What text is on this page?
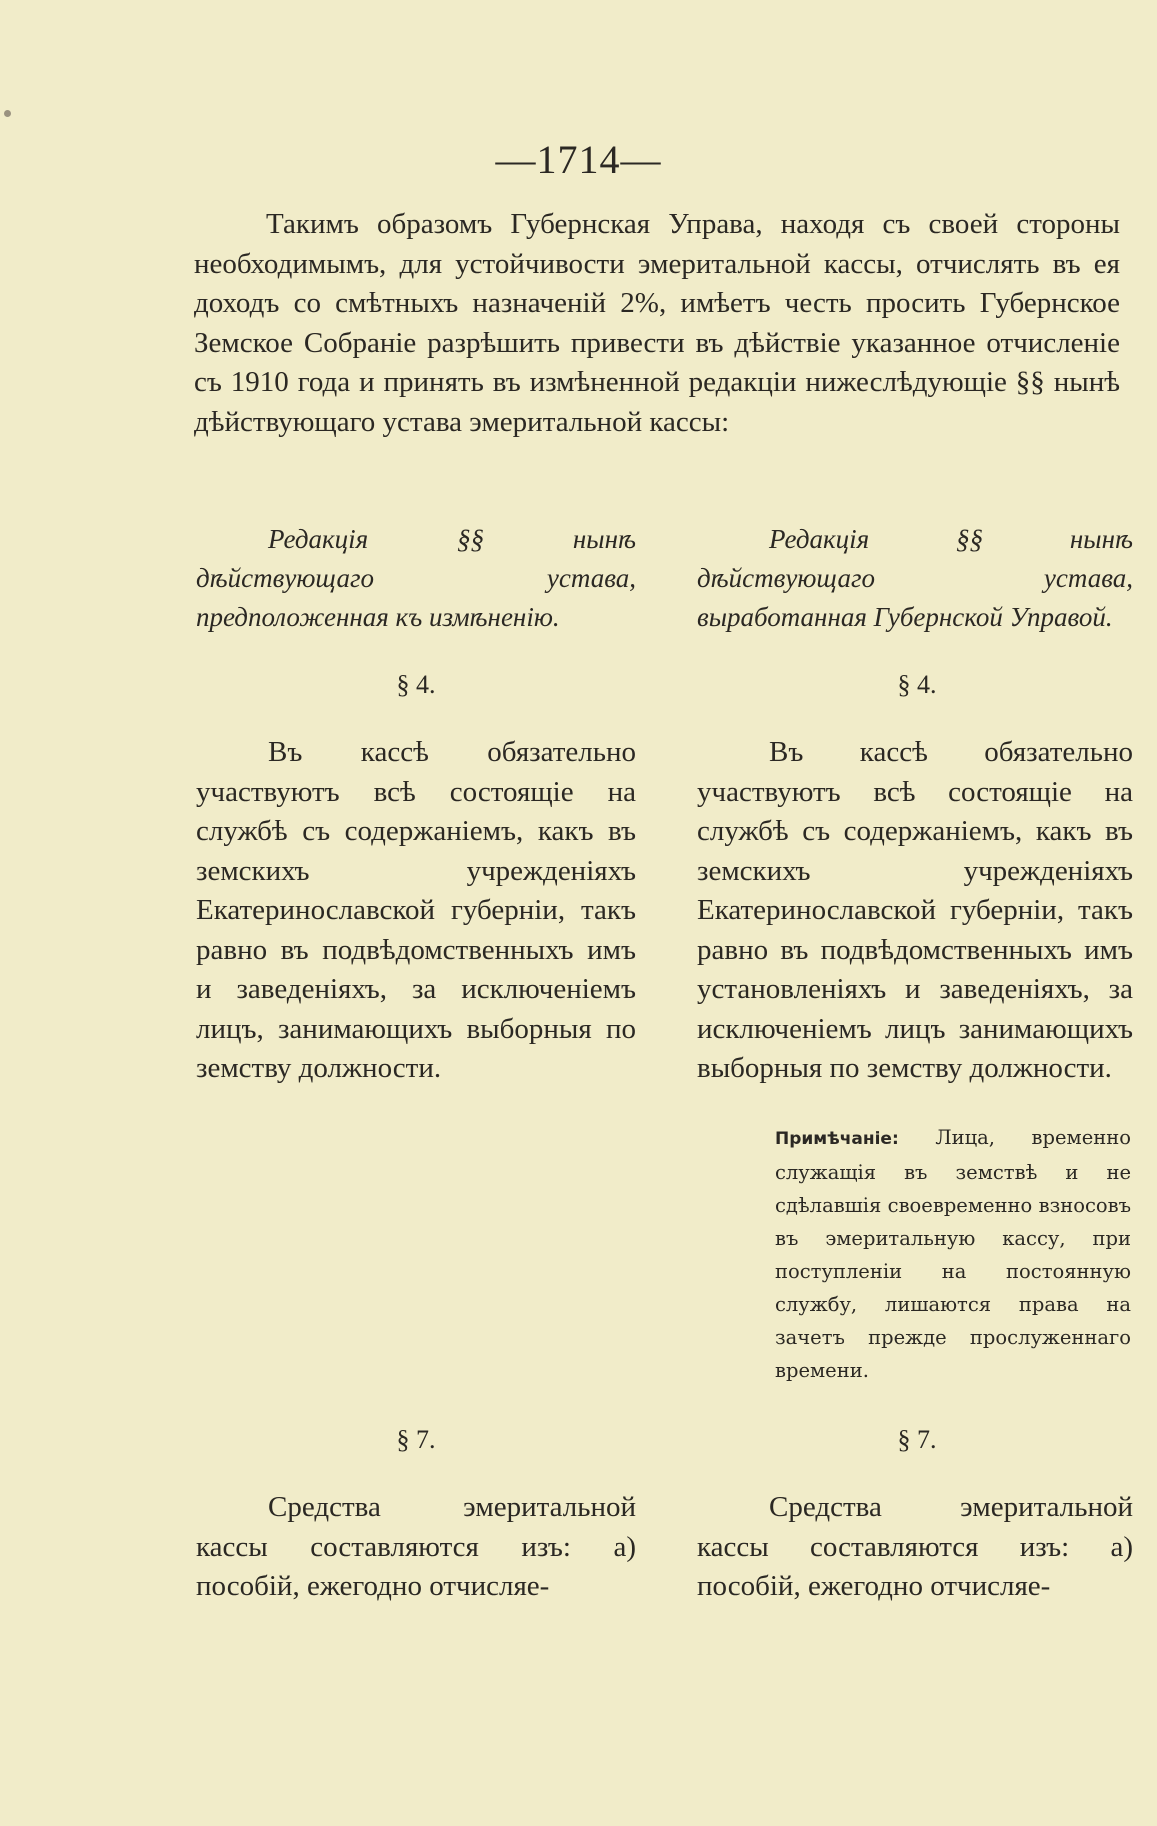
—1714—

Такимъ образомъ Губернская Управа, находя съ своей стороны необходимымъ, для устойчивости эмеритальной кассы, отчислять въ ея доходъ со смѣтныхъ назначеній 2%, имѣетъ честь просить Губернское Земское Собраніе разрѣшить привести въ дѣйствіе указанное отчисленіе съ 1910 года и принять въ измѣненной редакціи нижеслѣдующіе §§ нынѣ дѣйствующаго устава эмеритальной кассы:

Редакція §§ нынѣ дѣйствующаго устава, предположенная къ измѣненію.
§ 4.

Въ кассѣ обязательно участвуютъ всѣ состоящіе на службѣ съ содержаніемъ, какъ въ земскихъ учрежденіяхъ Екатеринославской губерніи, такъ равно въ подвѣдомственныхъ имъ и заведеніяхъ, за исключеніемъ лицъ, занимающихъ выборныя по земству должности.

§ 7.

Средства эмеритальной кассы составляются изъ: а) пособій, ежегодно отчисляе-

Редакція §§ нынѣ дѣйствующаго устава, выработанная Губернской Управой.
§ 4.

Въ кассѣ обязательно участвуютъ всѣ состоящіе на службѣ съ содержаніемъ, какъ въ земскихъ учрежденіяхъ Екатеринославской губерніи, такъ равно въ подвѣдомственныхъ имъ установленіяхъ и заведеніяхъ, за исключеніемъ лицъ занимающихъ выборныя по земству должности.

Примѣчаніе: Лица, временно служащія въ земствѣ и не сдѣлавшія своевременно взносовъ въ эмеритальную кассу, при поступленіи на постоянную службу, лишаются права на зачетъ прежде прослуженнаго времени.
§ 7.

Средства эмеритальной кассы составляются изъ: а) пособій, ежегодно отчисляе-
